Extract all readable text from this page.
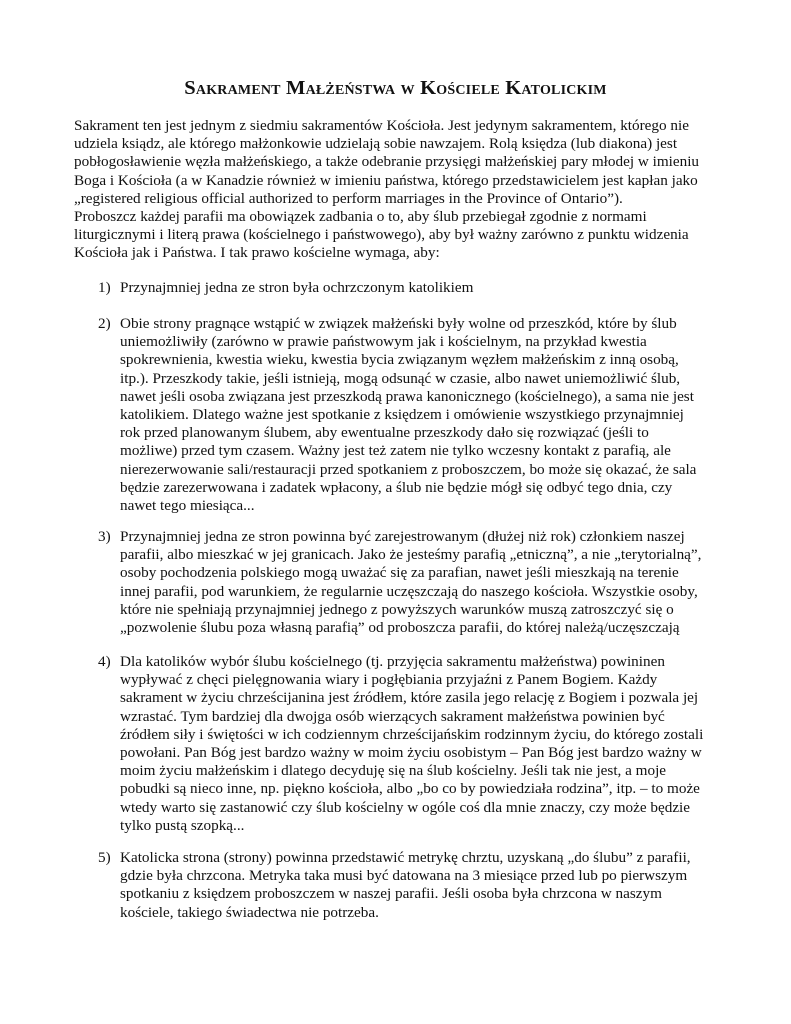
Sakrament Małżeństwa w Kościele Katolickim
Sakrament ten jest jednym z siedmiu sakramentów Kościoła. Jest jedynym sakramentem, którego nie
udziela ksiądz, ale którego małżonkowie udzielają sobie nawzajem. Rolą księdza (lub diakona) jest
pobłogosławienie węzła małżeńskiego, a także odebranie przysięgi małżeńskiej pary młodej w imieniu
Boga i Kościoła (a w Kanadzie również w imieniu państwa, którego przedstawicielem jest kapłan jako
„registered religious official authorized to perform marriages in the Province of Ontario”).
Proboszcz każdej parafii ma obowiązek zadbania o to, aby ślub przebiegał zgodnie z normami
liturgicznymi i literą prawa (kościelnego i państwowego), aby był ważny zarówno z punktu widzenia
Kościoła jak i Państwa. I tak prawo kościelne wymaga, aby:
1) Przynajmniej jedna ze stron była ochrzczonym katolikiem
2) Obie strony pragnące wstąpić w związek małżeński były wolne od przeszkód, które by ślub
uniemożliwiły (zarówno w prawie państwowym jak i kościelnym, na przykład kwestia
spokrewnienia, kwestia wieku, kwestia bycia związanym węzłem małżeńskim z inną osobą,
itp.). Przeszkody takie, jeśli istnieją, mogą odsunąć w czasie, albo nawet uniemożliwić ślub,
nawet jeśli osoba związana jest przeszkodą prawa kanonicznego (kościelnego), a sama nie jest
katolikiem. Dlatego ważne jest spotkanie z księdzem i omówienie wszystkiego przynajmniej
rok przed planowanym ślubem, aby ewentualne przeszkody dało się rozwiązać (jeśli to
możliwe) przed tym czasem. Ważny jest też zatem nie tylko wczesny kontakt z parafią, ale
nierezerwowanie sali/restauracji przed spotkaniem z proboszczem, bo może się okazać, że sala
będzie zarezerwowana i zadatek wpłacony, a ślub nie będzie mógł się odbyć tego dnia, czy
nawet tego miesiąca...
3) Przynajmniej jedna ze stron powinna być zarejestrowanym (dłużej niż rok) członkiem naszej
parafii, albo mieszkać w jej granicach. Jako że jesteśmy parafią „etniczną”, a nie „terytorialną”,
osoby pochodzenia polskiego mogą uważać się za parafian, nawet jeśli mieszkają na terenie
innej parafii, pod warunkiem, że regularnie uczęszczają do naszego kościoła. Wszystkie osoby,
które nie spełniają przynajmniej jednego z powyższych warunków muszą zatroszczyć się o
„pozwolenie ślubu poza własną parafią” od proboszcza parafii, do której należą/uczęszczają
4) Dla katolików wybór ślubu kościelnego (tj. przyjęcia sakramentu małżeństwa) powininen
wypływać z chęci pielęgnowania wiary i pogłębiania przyjaźni z Panem Bogiem. Każdy
sakrament w życiu chrześcijanina jest źródłem, które zasila jego relację z Bogiem i pozwala jej
wzrastać. Tym bardziej dla dwojga osób wierzących sakrament małżeństwa powinien być
źródłem siły i świętości w ich codziennym chrześcijańskim rodzinnym życiu, do którego zostali
powołani. Pan Bóg jest bardzo ważny w moim życiu osobistym – Pan Bóg jest bardzo ważny w
moim życiu małżeńskim i dlatego decyduję się na ślub kościelny. Jeśli tak nie jest, a moje
pobudki są nieco inne, np. piękno kościoła, albo „bo co by powiedziała rodzina”, itp. – to może
wtedy warto się zastanowić czy ślub kościelny w ogóle coś dla mnie znaczy, czy może będzie
tylko pustą szopką...
5) Katolicka strona (strony) powinna przedstawić metrykę chrztu, uzyskaną „do ślubu” z parafii,
gdzie była chrzcona. Metryka taka musi być datowana na 3 miesiące przed lub po pierwszym
spotkaniu z księdzem proboszczem w naszej parafii. Jeśli osoba była chrzcona w naszym
kościele, takiego świadectwa nie potrzeba.
